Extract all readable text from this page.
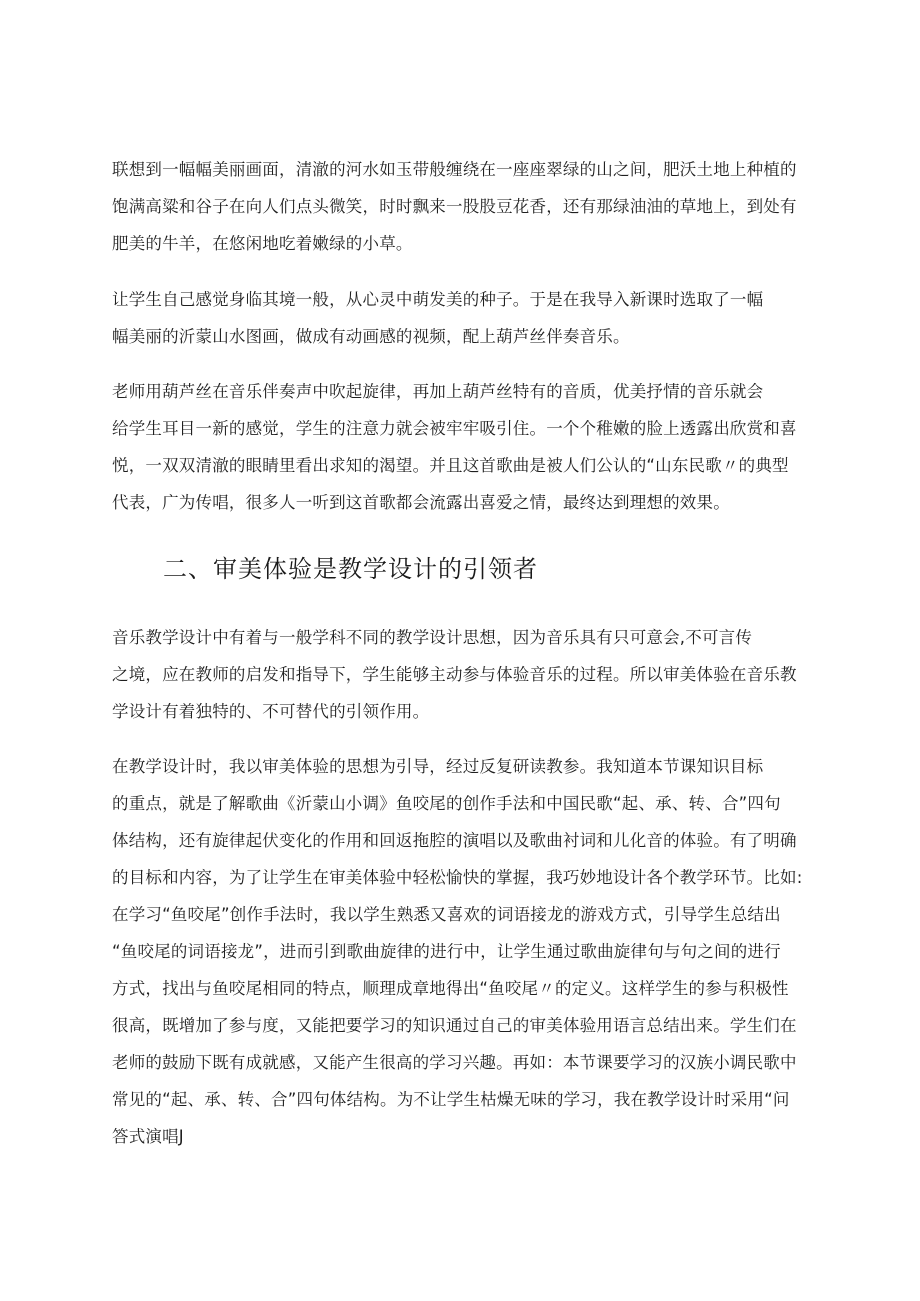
联想到一幅幅美丽画面，清澈的河水如玉带般缠绕在一座座翠绿的山之间，肥沃土地上种植的
饱满高粱和谷子在向人们点头微笑，时时飘来一股股豆花香，还有那绿油油的草地上，到处有
肥美的牛羊，在悠闲地吃着嫩绿的小草。
让学生自己感觉身临其境一般，从心灵中萌发美的种子。于是在我导入新课时选取了一幅
幅美丽的沂蒙山水图画，做成有动画感的视频，配上葫芦丝伴奏音乐。
老师用葫芦丝在音乐伴奏声中吹起旋律，再加上葫芦丝特有的音质，优美抒情的音乐就会
给学生耳目一新的感觉，学生的注意力就会被牢牢吸引住。一个个稚嫩的脸上透露出欣赏和喜
悦，一双双清澈的眼睛里看出求知的渴望。并且这首歌曲是被人们公认的“山东民歌〃的典型
代表，广为传唱，很多人一听到这首歌都会流露出喜爱之情，最终达到理想的效果。
二、审美体验是教学设计的引领者
音乐教学设计中有着与一般学科不同的教学设计思想，因为音乐具有只可意会,不可言传
之境，应在教师的启发和指导下，学生能够主动参与体验音乐的过程。所以审美体验在音乐教
学设计有着独特的、不可替代的引领作用。
在教学设计时，我以审美体验的思想为引导，经过反复研读教参。我知道本节课知识目标
的重点，就是了解歌曲《沂蒙山小调》鱼咬尾的创作手法和中国民歌“起、承、转、合”四句
体结构，还有旋律起伏变化的作用和回返拖腔的演唱以及歌曲衬词和儿化音的体验。有了明确
的目标和内容，为了让学生在审美体验中轻松愉快的掌握，我巧妙地设计各个教学环节。比如:
在学习“鱼咬尾”创作手法时，我以学生熟悉又喜欢的词语接龙的游戏方式，引导学生总结出
“鱼咬尾的词语接龙”，进而引到歌曲旋律的进行中，让学生通过歌曲旋律句与句之间的进行
方式，找出与鱼咬尾相同的特点，顺理成章地得出“鱼咬尾〃的定义。这样学生的参与积极性
很高，既增加了参与度，又能把要学习的知识通过自己的审美体验用语言总结出来。学生们在
老师的鼓励下既有成就感，又能产生很高的学习兴趣。再如：本节课要学习的汉族小调民歌中
常见的“起、承、转、合”四句体结构。为不让学生枯燥无味的学习，我在教学设计时采用“问
答式演唱J
